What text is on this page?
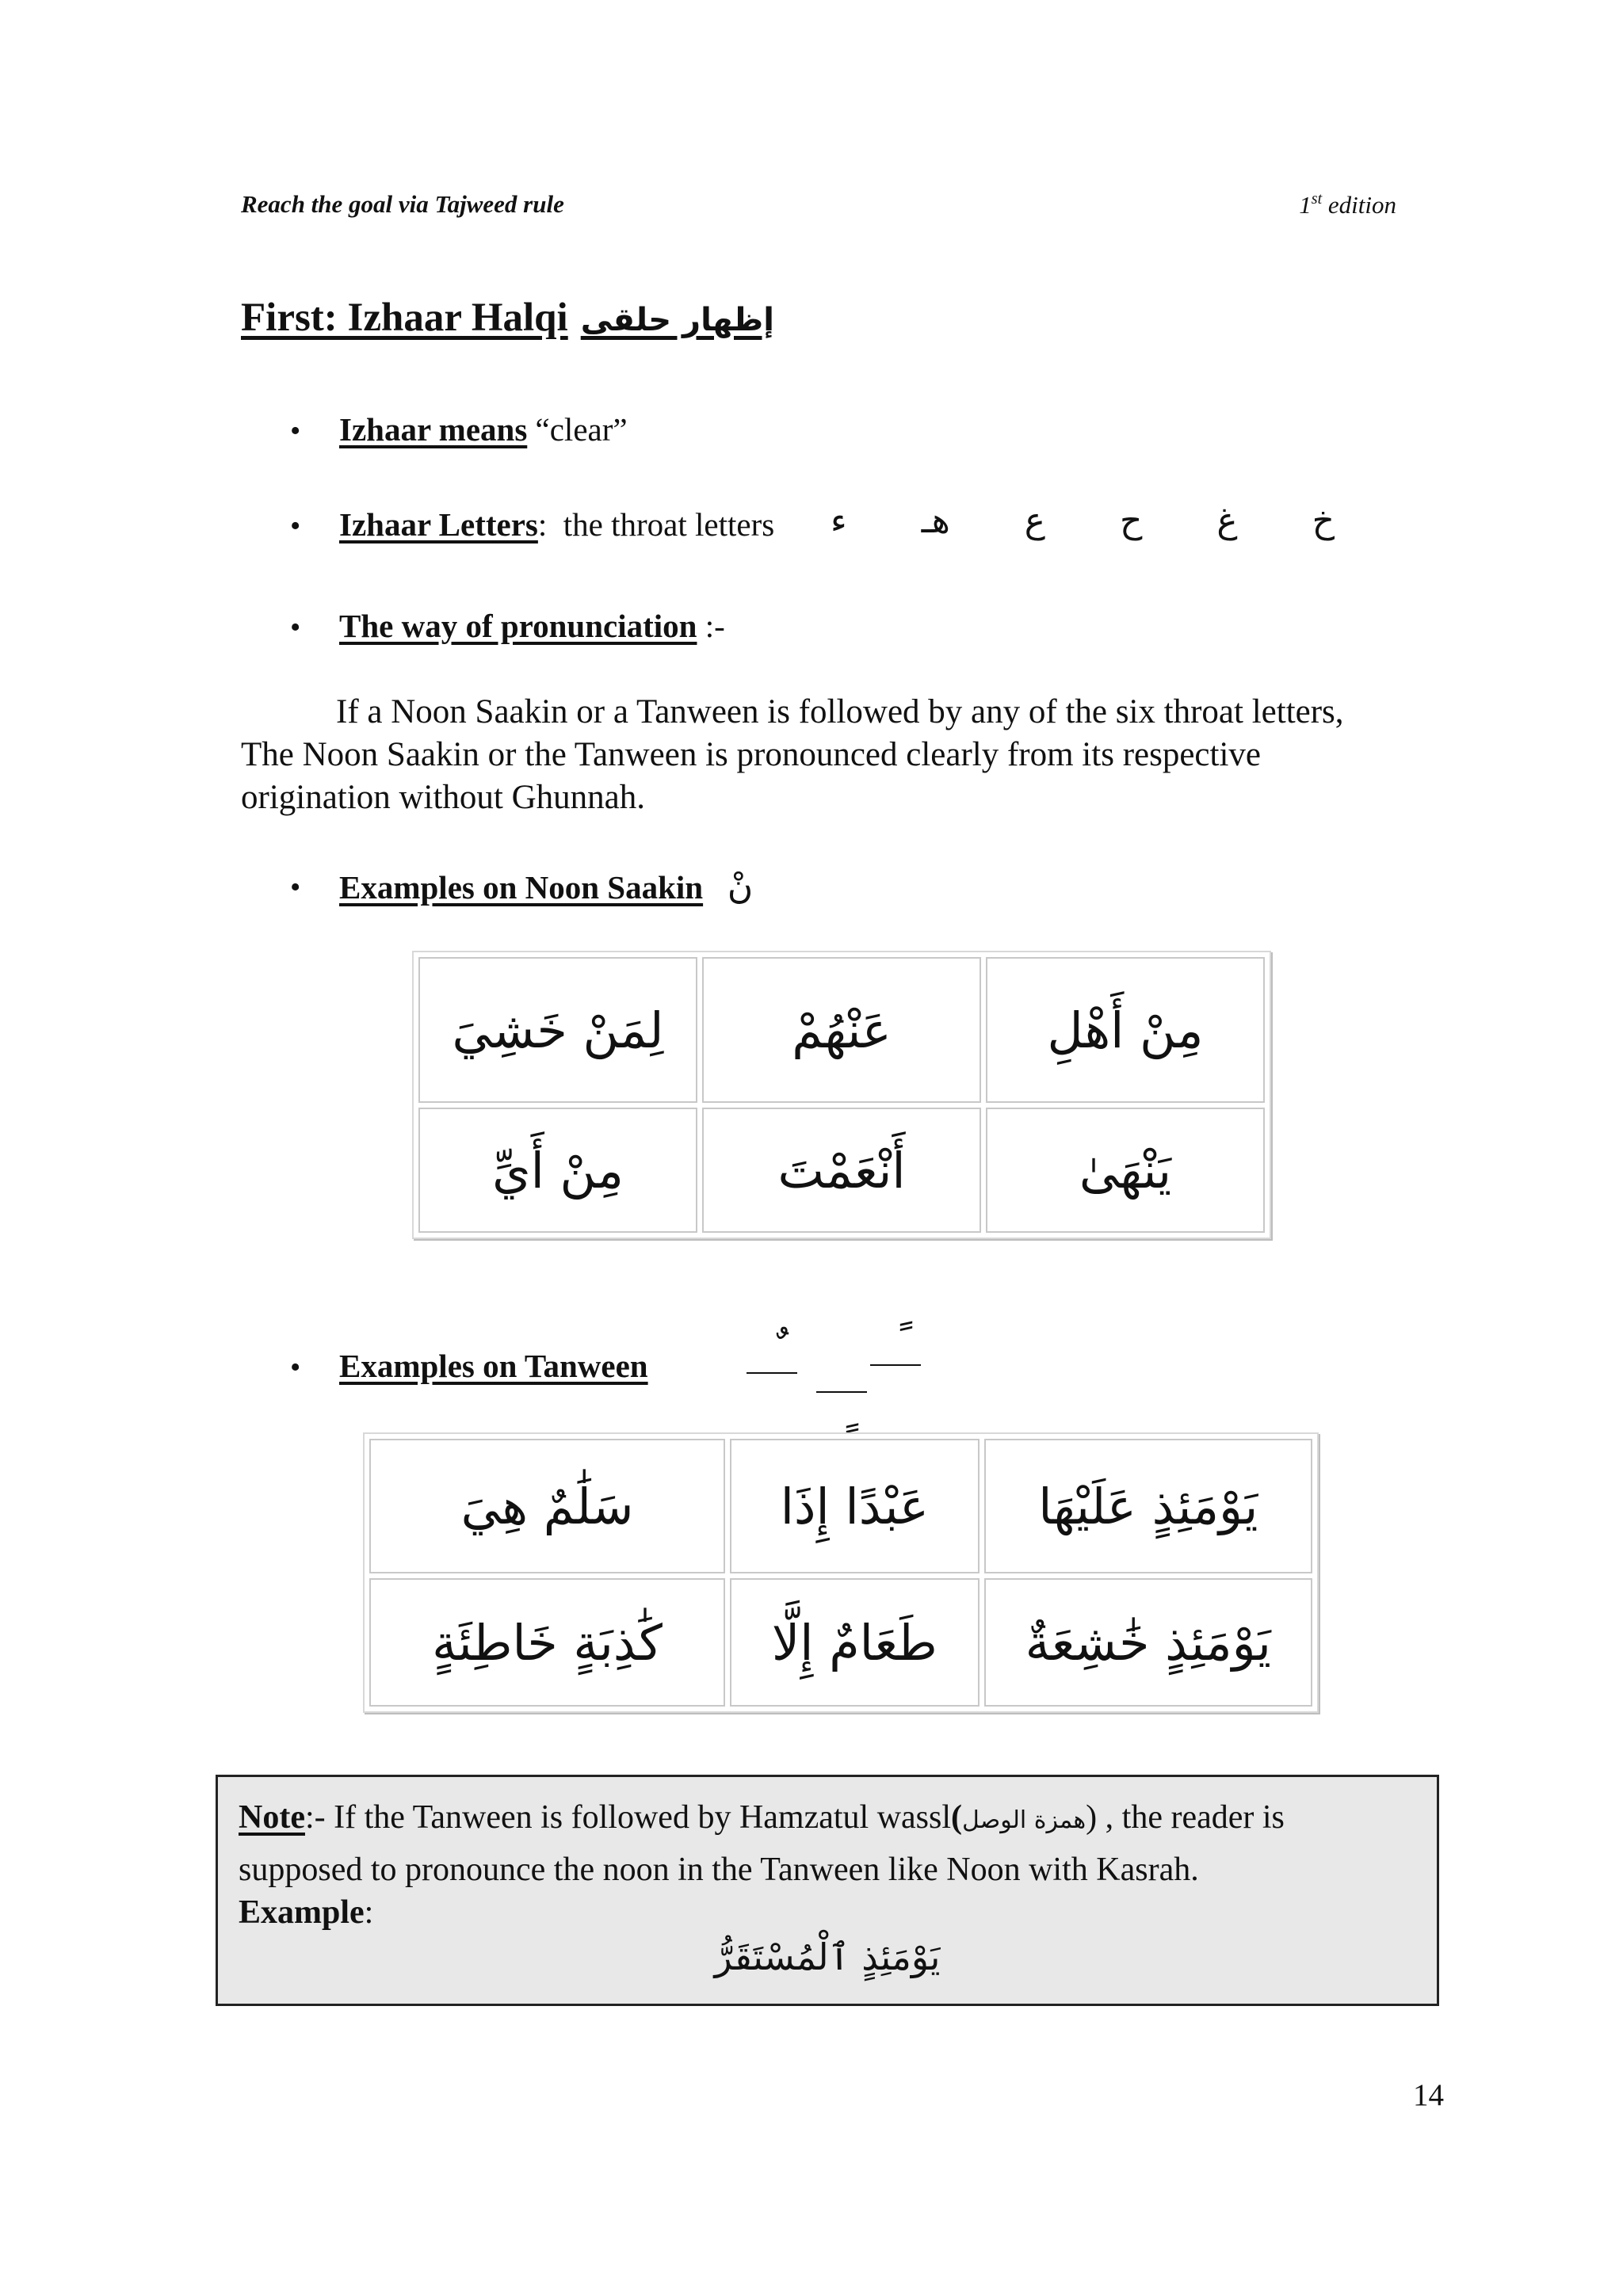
Reach the goal via Tajweed rule	1st edition
First: Izhaar Halqi إظهار حلقى
• Izhaar means “clear”
• Izhaar Letters: the throat letters ء هـ ع ح غ خ
• The way of pronunciation :-
If a Noon Saakin or a Tanween is followed by any of the six throat letters, The Noon Saakin or the Tanween is pronounced clearly from its respective origination without Ghunnah.
• Examples on Noon Saakin نْ
لِمَنْ خَشِيَ	عَنْهُمْ	مِنْ أَهْلِ
مِنْ أَيِّ	أَنْعَمْتَ	يَنْهَىٰ
• Examples on Tanween
سَلَٰمٌ هِيَ	عَبْدًا إِذَا	يَوْمَئِذٍ عَلَيْهَا
كَٰذِبَةٍ خَاطِئَةٍ	طَعَامٌ إِلَّا	يَوْمَئِذٍ خَٰشِعَةٌ
Note:- If the Tanween is followed by Hamzatul wassl(همزة الوصل) , the reader is supposed to pronounce the noon in the Tanween like Noon with Kasrah.
Example:
يَوْمَئِذٍ ٱلْمُسْتَقَرُّ
14
